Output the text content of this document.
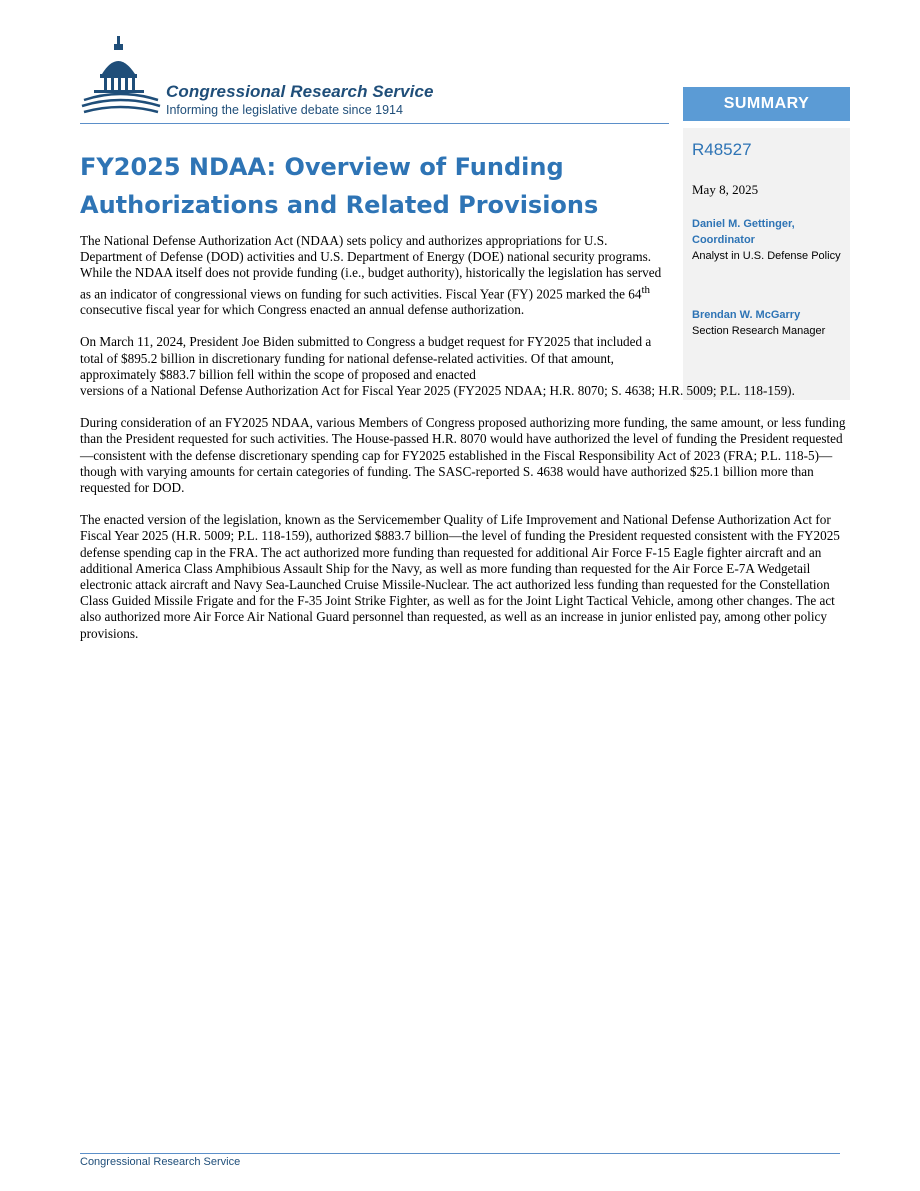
Congressional Research Service
Informing the legislative debate since 1914	SUMMARY
R48527
May 8, 2025
Daniel M. Gettinger,
Coordinator
Analyst in U.S. Defense Policy
Brendan W. McGarry
Section Research Manager
FY2025 NDAA: Overview of Funding Authorizations and Related Provisions

The National Defense Authorization Act (NDAA) sets policy and authorizes appropriations for U.S. Department of Defense (DOD) activities and U.S. Department of Energy (DOE) national security programs. While the NDAA itself does not provide funding (i.e., budget authority), historically the legislation has served as an indicator of congressional views on funding for such activities. Fiscal Year (FY) 2025 marked the 64th consecutive fiscal year for which Congress enacted an annual defense authorization.

On March 11, 2024, President Joe Biden submitted to Congress a budget request for FY2025 that included a total of $895.2 billion in discretionary funding for national defense-related activities. Of that amount, approximately $883.7 billion fell within the scope of proposed and enacted
versions of a National Defense Authorization Act for Fiscal Year 2025 (FY2025 NDAA; H.R. 8070; S. 4638; H.R. 5009; P.L. 118-159).

During consideration of an FY2025 NDAA, various Members of Congress proposed authorizing more funding, the same amount, or less funding than the President requested for such activities. The House-passed H.R. 8070 would have authorized the level of funding the President requested—consistent with the defense discretionary spending cap for FY2025 established in the Fiscal Responsibility Act of 2023 (FRA; P.L. 118-5)—though with varying amounts for certain categories of funding. The SASC-reported S. 4638 would have authorized $25.1 billion more than requested for DOD.

The enacted version of the legislation, known as the Servicemember Quality of Life Improvement and National Defense Authorization Act for Fiscal Year 2025 (H.R. 5009; P.L. 118-159), authorized $883.7 billion—the level of funding the President requested consistent with the FY2025 defense spending cap in the FRA. The act authorized more funding than requested for additional Air Force F-15 Eagle fighter aircraft and an additional America Class Amphibious Assault Ship for the Navy, as well as more funding than requested for the Air Force E-7A Wedgetail electronic attack aircraft and Navy Sea-Launched Cruise Missile-Nuclear. The act authorized less funding than requested for the Constellation Class Guided Missile Frigate and for the F-35 Joint Strike Fighter, as well as for the Joint Light Tactical Vehicle, among other changes. The act also authorized more Air Force Air National Guard personnel than requested, as well as an increase in junior enlisted pay, among other policy provisions.

Congressional Research Service
